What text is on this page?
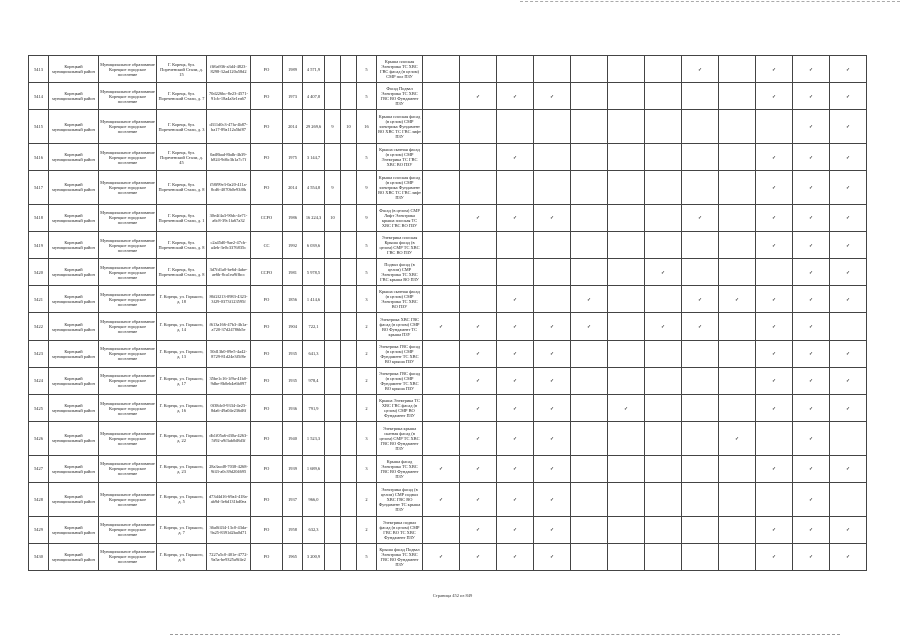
5413	Корецкий муниципальный район	Муниципальное образование Корецкое городское поселение	Г. Корецк, бул. Пореченский Стали, д. 15	fff6a936-a3d4-4823-8298-32ad120a58d2	FO	1989	4 571,9			5	Крыша плоская Электрика ТС ХВС ГВС фасад (в целом) СМР пол ПЗУ								✓		✓	✓	✓
5414	Корецкий муниципальный район	Муниципальное образование Корецкое городское поселение	Г. Корецк, бул. Пореченский Стали, д. 7	70d226bc-8e23-4571-91cb-18a4a3e1ea67	FO	1973	4 407,8			5	Фасад Подвал Электрика ТС ХВС ГВС ВО Фундамент ПЗУ		✓	✓	✓						✓	✓	✓
5415	Корецкий муниципальный район	Муниципальное образование Корецкое городское поселение	Г. Корецк, бул. Пореченский Стали, д. 3	d311d0c3-47fa-4b87-ba17-89a112a5bf87	FO	2014	29 269,6	9	10	16	Крыша плоская фасад (в целом) СМР электрика Фундамент ВО ХВС ТС ГВС лифт ПЗУ											✓	✓
5416	Корецкий муниципальный район	Муниципальное образование Корецкое городское поселение	Г. Корецк, бул. Пореченский Стали, д. 45	0ad8bad-8bdb-4b39-b824-9d6c3b1a7c7f	FO	1975	3 144,7			5	Крыша скатная фасад (в целом) СМР Электрика ТС ГВС ХВС ВО ПЗУ			✓							✓	✓	✓
5417	Корецкий муниципальный район	Муниципальное образование Корецкое городское поселение	Г. Корецк, бул. Пореченский Стали, д. 8	f58f99e3-0a20-411a-8cd6-4070b0e93f0b	FO	2014	4 554,8	9		9	Крыша плоская фасад (в целом) СМР электрика Фундамент ВО ХВС ТС ГВС лифт ПЗУ										✓	✓	✓
5418	Корецкий муниципальный район	Муниципальное образование Корецкое городское поселение	Г. Корецк, бул. Пореченский Стали, д. 1	30e4f4a3-90dc-4e71-a6c8-39c1fa67a32	CCFO	1986	16 224,3	10		9	Фасад (в целом) СМР Лифт Электрика крыша плоская ТС ХВС ГВС ВО ПЗУ		✓	✓	✓				✓		✓	✓	✓
5419	Корецкий муниципальный район	Муниципальное образование Корецкое городское поселение	Г. Корецк, бул. Пореченский Стали, д. 8	c2a45d0-9ae2-47cb-a4eb-3e0c3376835c	CC	1992	6 039,6			5	Электрика плоская Крыша фасад (в целом) СМР ТС ХВС ГВС ВО ПЗУ										✓	✓	✓
5420	Корецкий муниципальный район	Муниципальное образование Корецкое городское поселение	Г. Корецк, бул. Пореченский Стали, д. 8	3d7fd1a0-be6d-4abe-ae6b-8ca1ea9ffbcc	CCFO	1981	5 978,5			5	Подвал фасад (в целом) СМР Электрика ТС ХВС ГВС крыша ВО ПЗУ							✓				✓	✓
5421	Корецкий муниципальный район	Муниципальное образование Корецкое городское поселение	Г. Корецк, ул. Горького, д. 18	86f2f213-0983-4323-3f29-0373f123595f	FO	1856	1 414,6			3	Крыша скатная фасад (в целом) СМР Электрика ТС ХВС ВО ПЗУ			✓		✓			✓	✓	✓	✓	✓
5422	Корецкий муниципальный район	Муниципальное образование Корецкое городское поселение	Г. Корецк, ул. Горького, д. 14	f613a166-47b3-4b1a-a720-37d24786b5e	FO	1904	722,1			2	Электрика ХВС ГВС фасад (в целом) СМР ВО Фундамент ТС крыша ПЗУ	✓	✓	✓	✓	✓		✓	✓		✓	✓	
5423	Корецкий муниципальный район	Муниципальное образование Корецкое городское поселение	Г. Корецк, ул. Горького, д. 13	50d13b0-09e5-4a42-8729-81d24e3f5f8e	FO	1935	641,3			2	Электрика ГВС фасад (в целом) СМР Фундамент ТС ХВС ВО крыша ПЗУ		✓	✓	✓						✓	✓	✓
5424	Корецкий муниципальный район	Муниципальное образование Корецкое городское поселение	Г. Корецк, ул. Горького, д. 17	35be1c16-1f9a-41b0-9dbe-8b0eb4e6b097	FO	1935	978,4			2	Электрика ГВС фасад (в целом) СМР Фундамент ТС ХВС ВО крыша ПЗУ		✓	✓	✓						✓	✓	✓
5425	Корецкий муниципальный район	Муниципальное образование Корецкое городское поселение	Г. Корецк, ул. Горького, д. 16	0f38dc0-9334-4e23-8da6-49a04e236d8f	FO	1936	791,9			2	Крыша Электрика ТС ХВС ГВС фасад (в целом) СМР ВО Фундамент ПЗУ		✓	✓	✓		✓				✓	✓	✓
5426	Корецкий муниципальный район	Муниципальное образование Корецкое городское поселение	Г. Корецк, ул. Горького, д. 22	db1f05a6-d30a-4263-5f92-a9f3ab0d8d3f	FO	1940	1 523,3			3	Электрика крыша скатная фасад (в целом) СМР ТС ХВС ГВС ВО Фундамент ПЗУ		✓	✓	✓					✓		✓	
5427	Корецкий муниципальный район	Муниципальное образование Корецкое городское поселение	Г. Корецк, ул. Горького, д. 23	28a3acd8-7038-4268-9f43-a0c39d204695	FO	1939	1 689,6			3	Крыша фасад Электрика ТС ХВС ГВС ВО Фундамент ПЗУ	✓	✓	✓	✓						✓	✓	✓
5428	Корецкий муниципальный район	Муниципальное образование Корецкое городское поселение	Г. Корецк, ул. Горького, д. 5	d73d4d16-69a4-418a-ab9d-3e6d131bd0ea	FO	1937	966,0			2	Электрика фасад (в целом) СМР подвал ХВС ГВС ВО Фундамент ТС крыша ПЗУ	✓	✓	✓	✓							✓	
5429	Корецкий муниципальный район	Муниципальное образование Корецкое городское поселение	Г. Корецк, ул. Горького, д. 7	36a0f434-13c0-43da-9a25-8391d2ba0d71	FO	1958	632,3			2	Электрика подвал фасад (в целом) СМР ГВС ВО ТС ХВС Фундамент ПЗУ		✓	✓	✓						✓	✓	✓
5430	Корецкий муниципальный район	Муниципальное образование Корецкое городское поселение	Г. Корецк, ул. Горького, д. 6	7227a5c0-401e-4772-9a5a-be9325a9f4e2	FO	1965	3 200,9			5	Крыша фасад Подвал Электрика ТС ХВС ГВС ВО Фундамент ПЗУ	✓	✓	✓	✓						✓	✓	✓
Страница 452 из 849
